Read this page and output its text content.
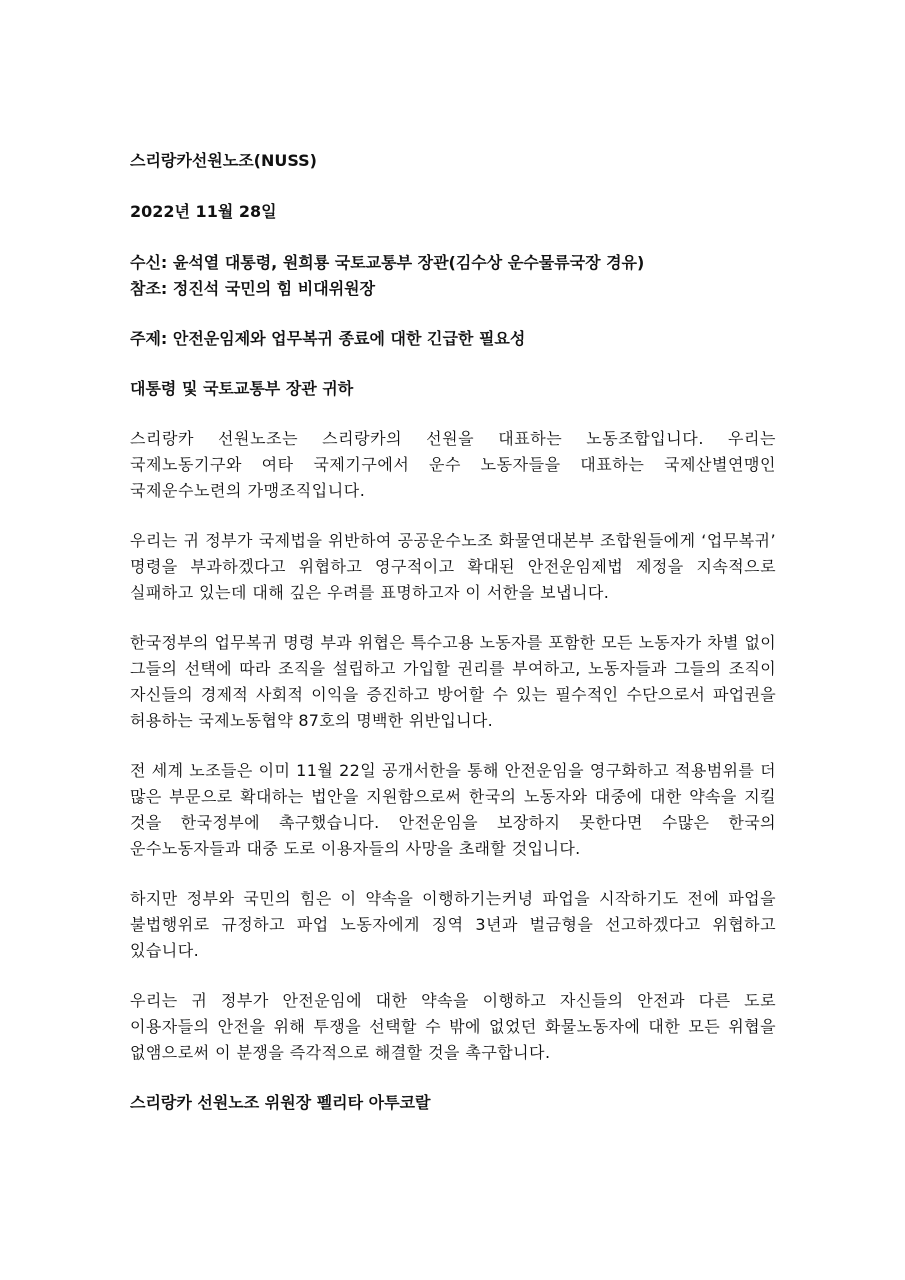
스리랑카선원노조(NUSS)

2022년 11월 28일

수신: 윤석열 대통령, 원희룡 국토교통부 장관(김수상 운수물류국장 경유)

참조: 정진석 국민의 힘 비대위원장

주제: 안전운임제와 업무복귀 종료에 대한 긴급한 필요성

대통령 및 국토교통부 장관 귀하

스리랑카 선원노조는 스리랑카의 선원을 대표하는 노동조합입니다. 우리는 국제노동기구와 여타 국제기구에서 운수 노동자들을 대표하는 국제산별연맹인 국제운수노련의 가맹조직입니다.

우리는 귀 정부가 국제법을 위반하여 공공운수노조 화물연대본부 조합원들에게 ‘업무복귀’ 명령을 부과하겠다고 위협하고 영구적이고 확대된 안전운임제법 제정을 지속적으로 실패하고 있는데 대해 깊은 우려를 표명하고자 이 서한을 보냅니다.

한국정부의 업무복귀 명령 부과 위협은 특수고용 노동자를 포함한 모든 노동자가 차별 없이 그들의 선택에 따라 조직을 설립하고 가입할 권리를 부여하고, 노동자들과 그들의 조직이 자신들의 경제적 사회적 이익을 증진하고 방어할 수 있는 필수적인 수단으로서 파업권을 허용하는 국제노동협약 87호의 명백한 위반입니다.

전 세계 노조들은 이미 11월 22일 공개서한을 통해 안전운임을 영구화하고 적용범위를 더 많은 부문으로 확대하는 법안을 지원함으로써 한국의 노동자와 대중에 대한 약속을 지킬 것을 한국정부에 촉구했습니다. 안전운임을 보장하지 못한다면 수많은 한국의 운수노동자들과 대중 도로 이용자들의 사망을 초래할 것입니다.

하지만 정부와 국민의 힘은 이 약속을 이행하기는커녕 파업을 시작하기도 전에 파업을 불법행위로 규정하고 파업 노동자에게 징역 3년과 벌금형을 선고하겠다고 위협하고 있습니다.

우리는 귀 정부가 안전운임에 대한 약속을 이행하고 자신들의 안전과 다른 도로 이용자들의 안전을 위해 투쟁을 선택할 수 밖에 없었던 화물노동자에 대한 모든 위협을 없앰으로써 이 분쟁을 즉각적으로 해결할 것을 촉구합니다.

스리랑카 선원노조 위원장 펠리타 아투코랄
